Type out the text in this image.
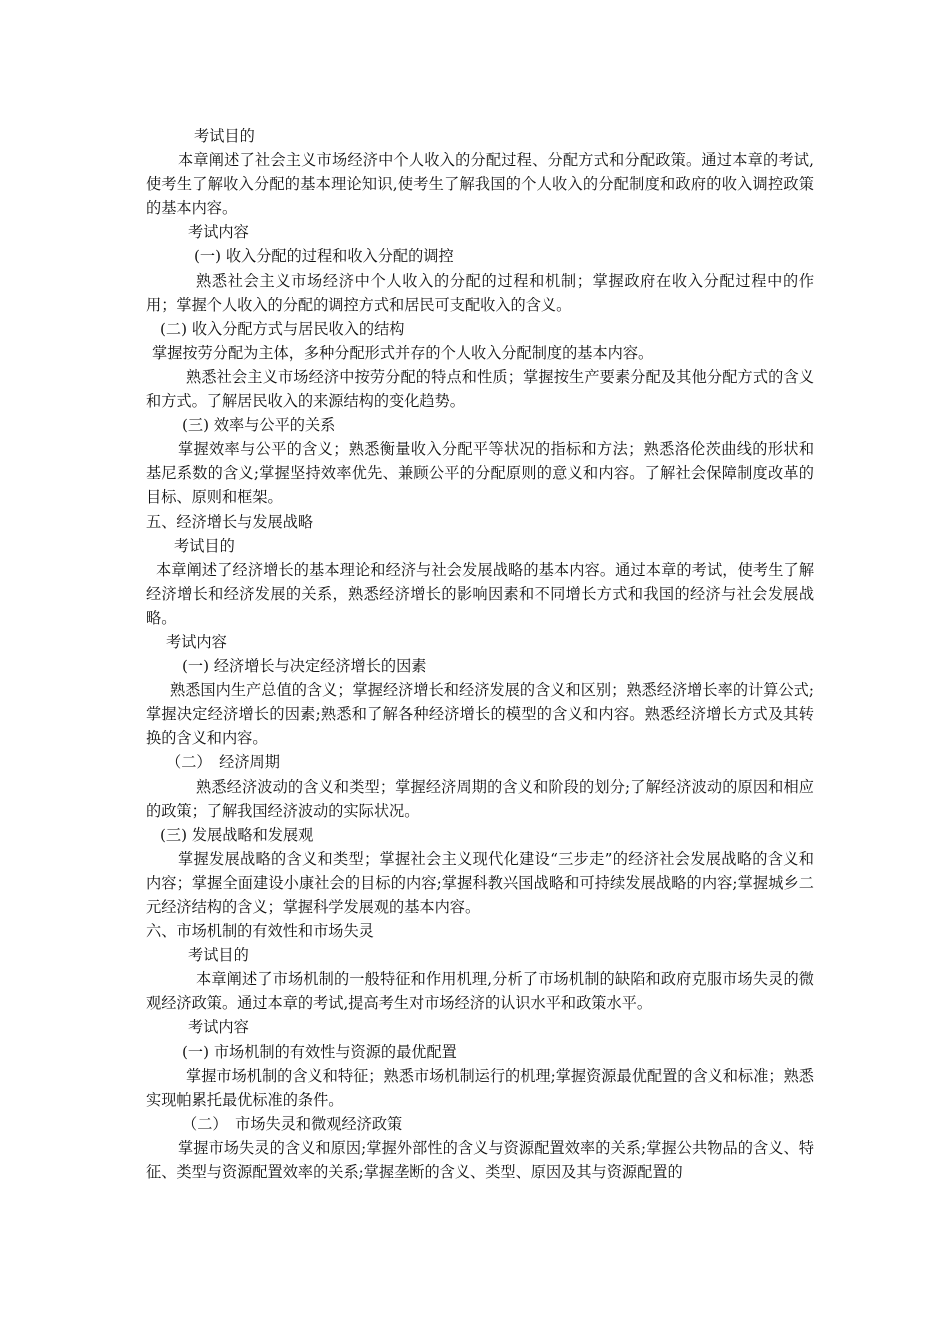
考试目的
本章阐述了社会主义市场经济中个人收入的分配过程、分配方式和分配政策。通过本章的考试,使考生了解收入分配的基本理论知识,使考生了解我国的个人收入的分配制度和政府的收入调控政策的基本内容。
考试内容
(一) 收入分配的过程和收入分配的调控
熟悉社会主义市场经济中个人收入的分配的过程和机制；掌握政府在收入分配过程中的作用；掌握个人收入的分配的调控方式和居民可支配收入的含义。
(二) 收入分配方式与居民收入的结构
掌握按劳分配为主体，多种分配形式并存的个人收入分配制度的基本内容。
熟悉社会主义市场经济中按劳分配的特点和性质；掌握按生产要素分配及其他分配方式的含义和方式。了解居民收入的来源结构的变化趋势。
(三) 效率与公平的关系
掌握效率与公平的含义；熟悉衡量收入分配平等状况的指标和方法；熟悉洛伦茨曲线的形状和基尼系数的含义;掌握坚持效率优先、兼顾公平的分配原则的意义和内容。了解社会保障制度改革的目标、原则和框架。
五、经济增长与发展战略
考试目的
本章阐述了经济增长的基本理论和经济与社会发展战略的基本内容。通过本章的考试，使考生了解经济增长和经济发展的关系，熟悉经济增长的影响因素和不同增长方式和我国的经济与社会发展战略。
考试内容
(一) 经济增长与决定经济增长的因素
熟悉国内生产总值的含义；掌握经济增长和经济发展的含义和区别；熟悉经济增长率的计算公式;掌握决定经济增长的因素;熟悉和了解各种经济增长的模型的含义和内容。熟悉经济增长方式及其转换的含义和内容。
（二）　经济周期
熟悉经济波动的含义和类型；掌握经济周期的含义和阶段的划分;了解经济波动的原因和相应的政策；了解我国经济波动的实际状况。
(三) 发展战略和发展观
掌握发展战略的含义和类型；掌握社会主义现代化建设“三步走”的经济社会发展战略的含义和内容；掌握全面建设小康社会的目标的内容;掌握科教兴国战略和可持续发展战略的内容;掌握城乡二元经济结构的含义；掌握科学发展观的基本内容。
六、市场机制的有效性和市场失灵
考试目的
本章阐述了市场机制的一般特征和作用机理,分析了市场机制的缺陷和政府克服市场失灵的微观经济政策。通过本章的考试,提高考生对市场经济的认识水平和政策水平。
考试内容
(一) 市场机制的有效性与资源的最优配置
掌握市场机制的含义和特征；熟悉市场机制运行的机理;掌握资源最优配置的含义和标准；熟悉实现帕累托最优标准的条件。
（二）　市场失灵和微观经济政策
掌握市场失灵的含义和原因;掌握外部性的含义与资源配置效率的关系;掌握公共物品的含义、特征、类型与资源配置效率的关系;掌握垄断的含义、类型、原因及其与资源配置的
